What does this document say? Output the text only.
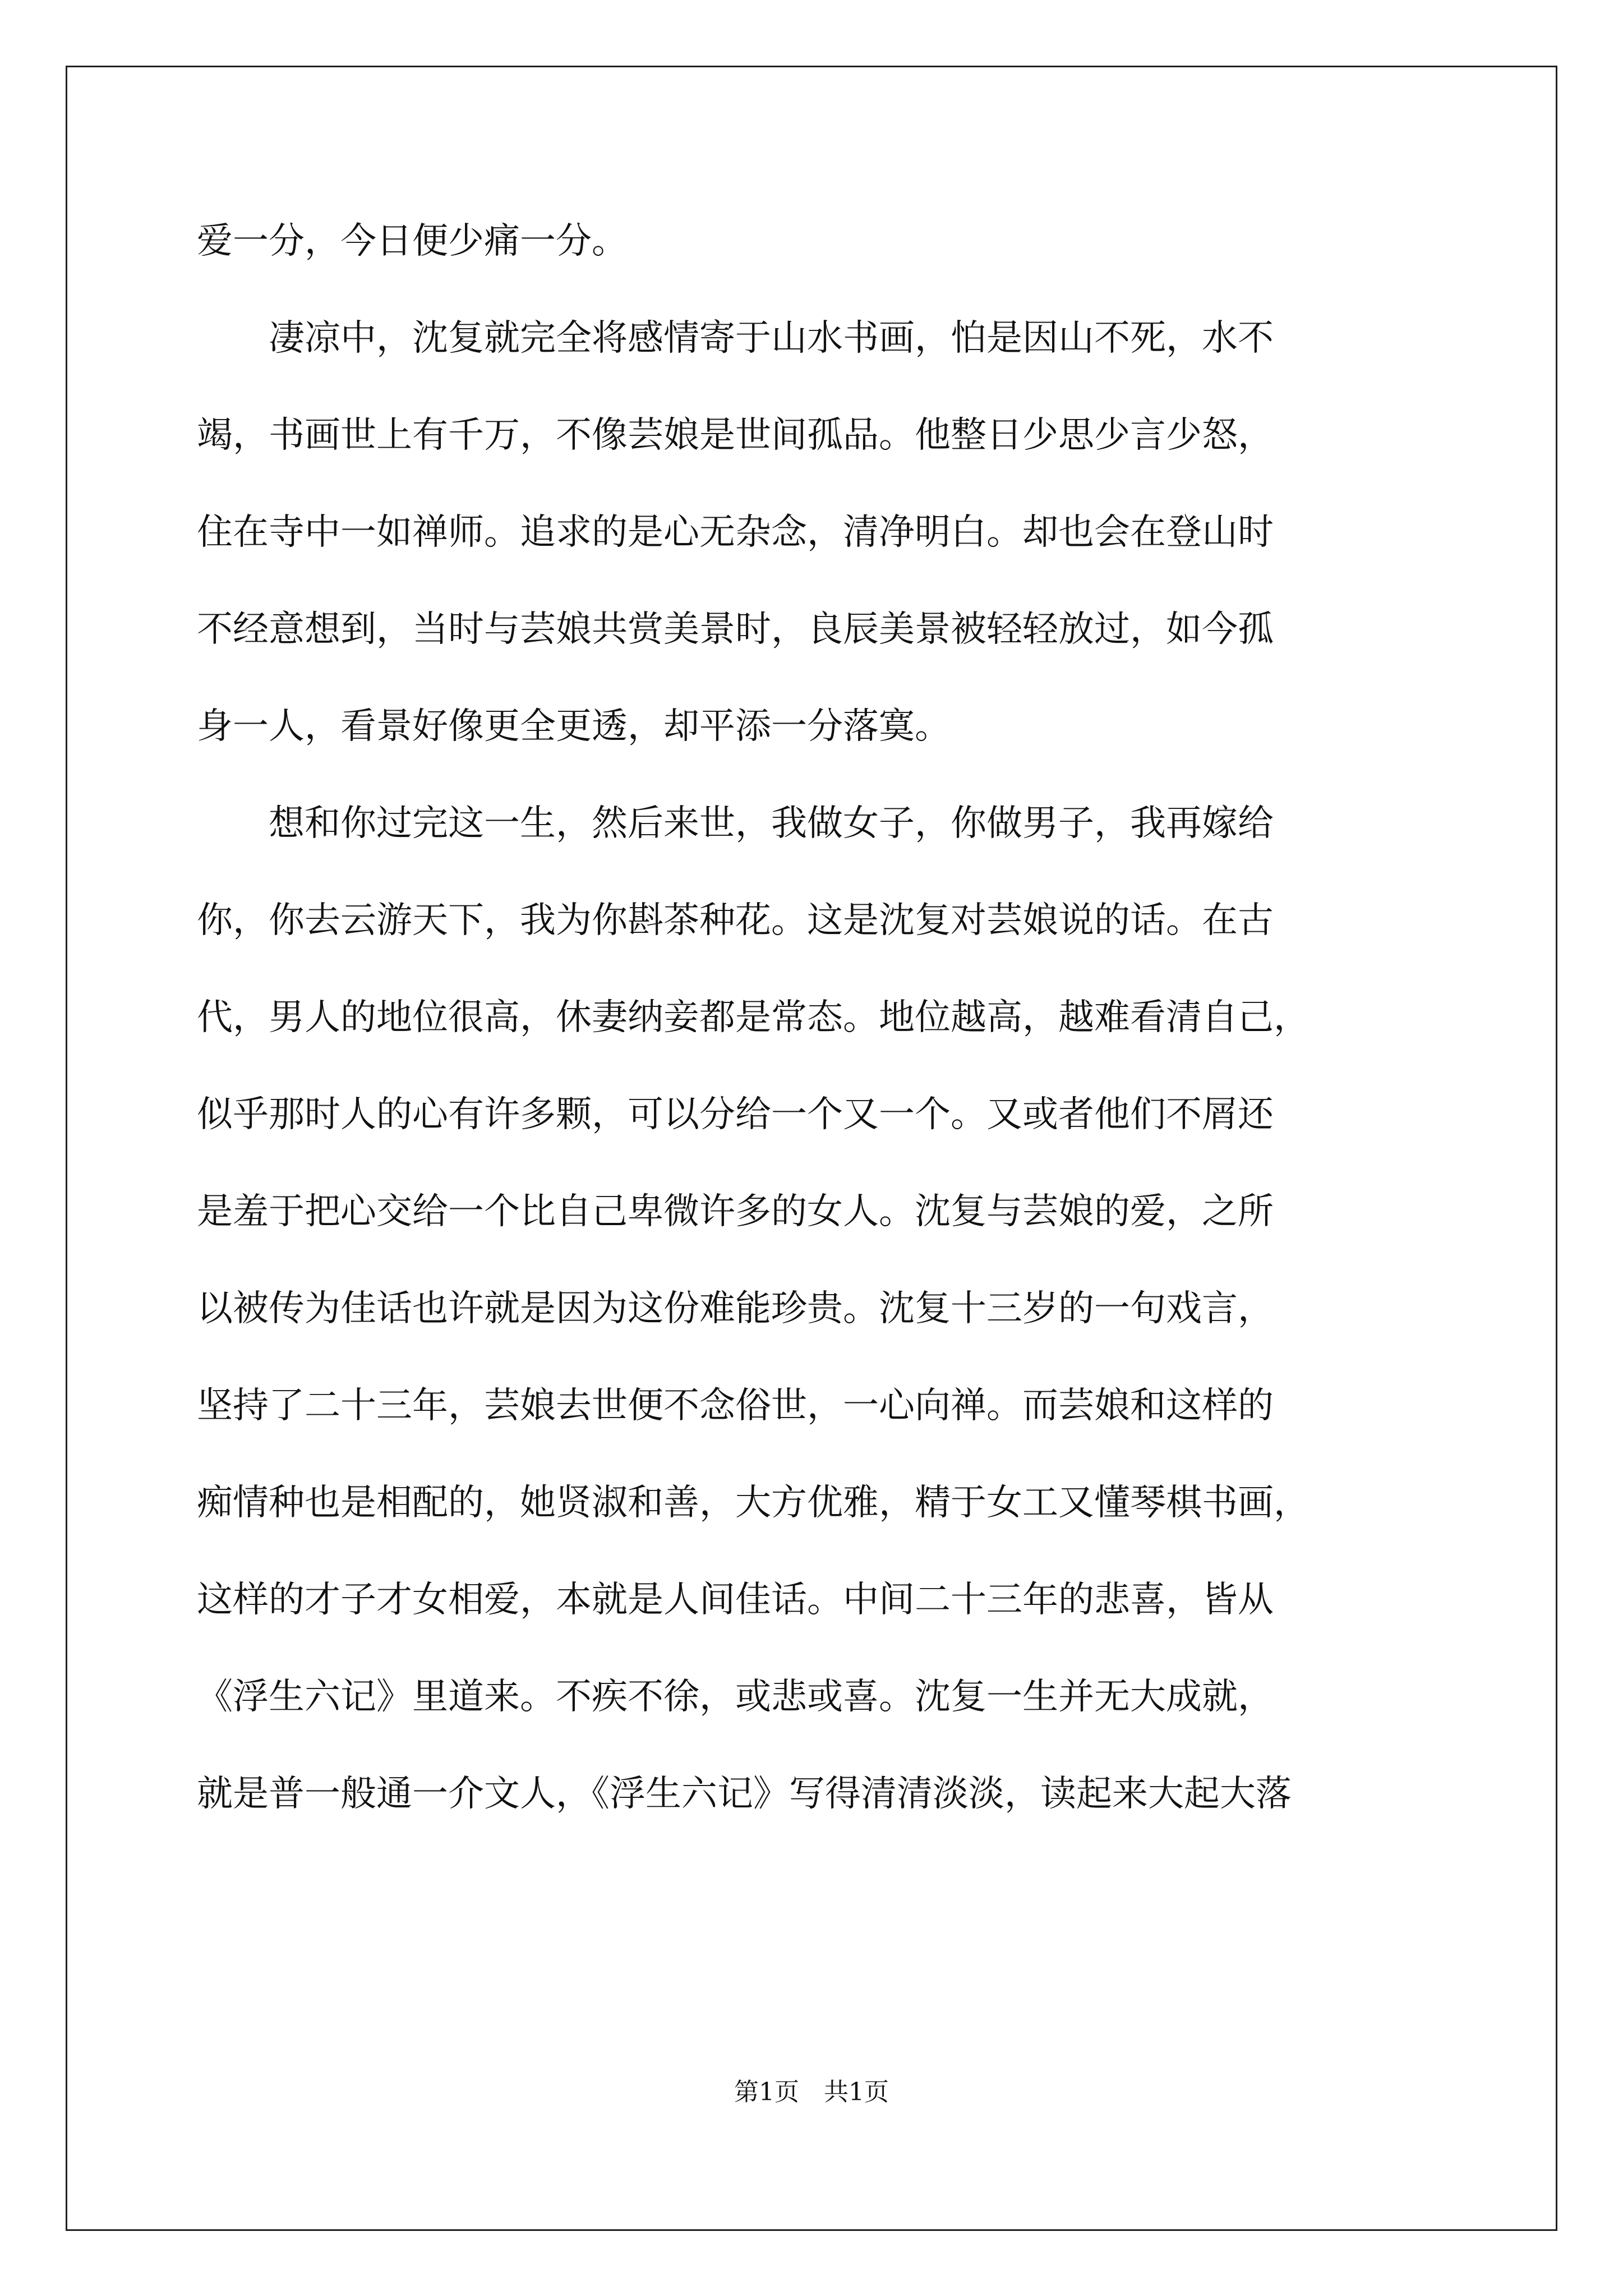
爱一分，今日便少痛一分。
　　凄凉中，沈复就完全将感情寄于山水书画，怕是因山不死，水不
竭，书画世上有千万，不像芸娘是世间孤品。他整日少思少言少怒，
住在寺中一如禅师。追求的是心无杂念，清净明白。却也会在登山时
不经意想到，当时与芸娘共赏美景时，良辰美景被轻轻放过，如今孤
身一人，看景好像更全更透，却平添一分落寞。
　　想和你过完这一生，然后来世，我做女子，你做男子，我再嫁给
你，你去云游天下，我为你斟茶种花。这是沈复对芸娘说的话。在古
代，男人的地位很高，休妻纳妾都是常态。地位越高，越难看清自己，
似乎那时人的心有许多颗，可以分给一个又一个。又或者他们不屑还
是羞于把心交给一个比自己卑微许多的女人。沈复与芸娘的爱，之所
以被传为佳话也许就是因为这份难能珍贵。沈复十三岁的一句戏言，
坚持了二十三年，芸娘去世便不念俗世，一心向禅。而芸娘和这样的
痴情种也是相配的，她贤淑和善，大方优雅，精于女工又懂琴棋书画，
这样的才子才女相爱，本就是人间佳话。中间二十三年的悲喜，皆从
《浮生六记》里道来。不疾不徐，或悲或喜。沈复一生并无大成就，
就是普一般通一介文人，《浮生六记》写得清清淡淡，读起来大起大落
第1页　共1页
